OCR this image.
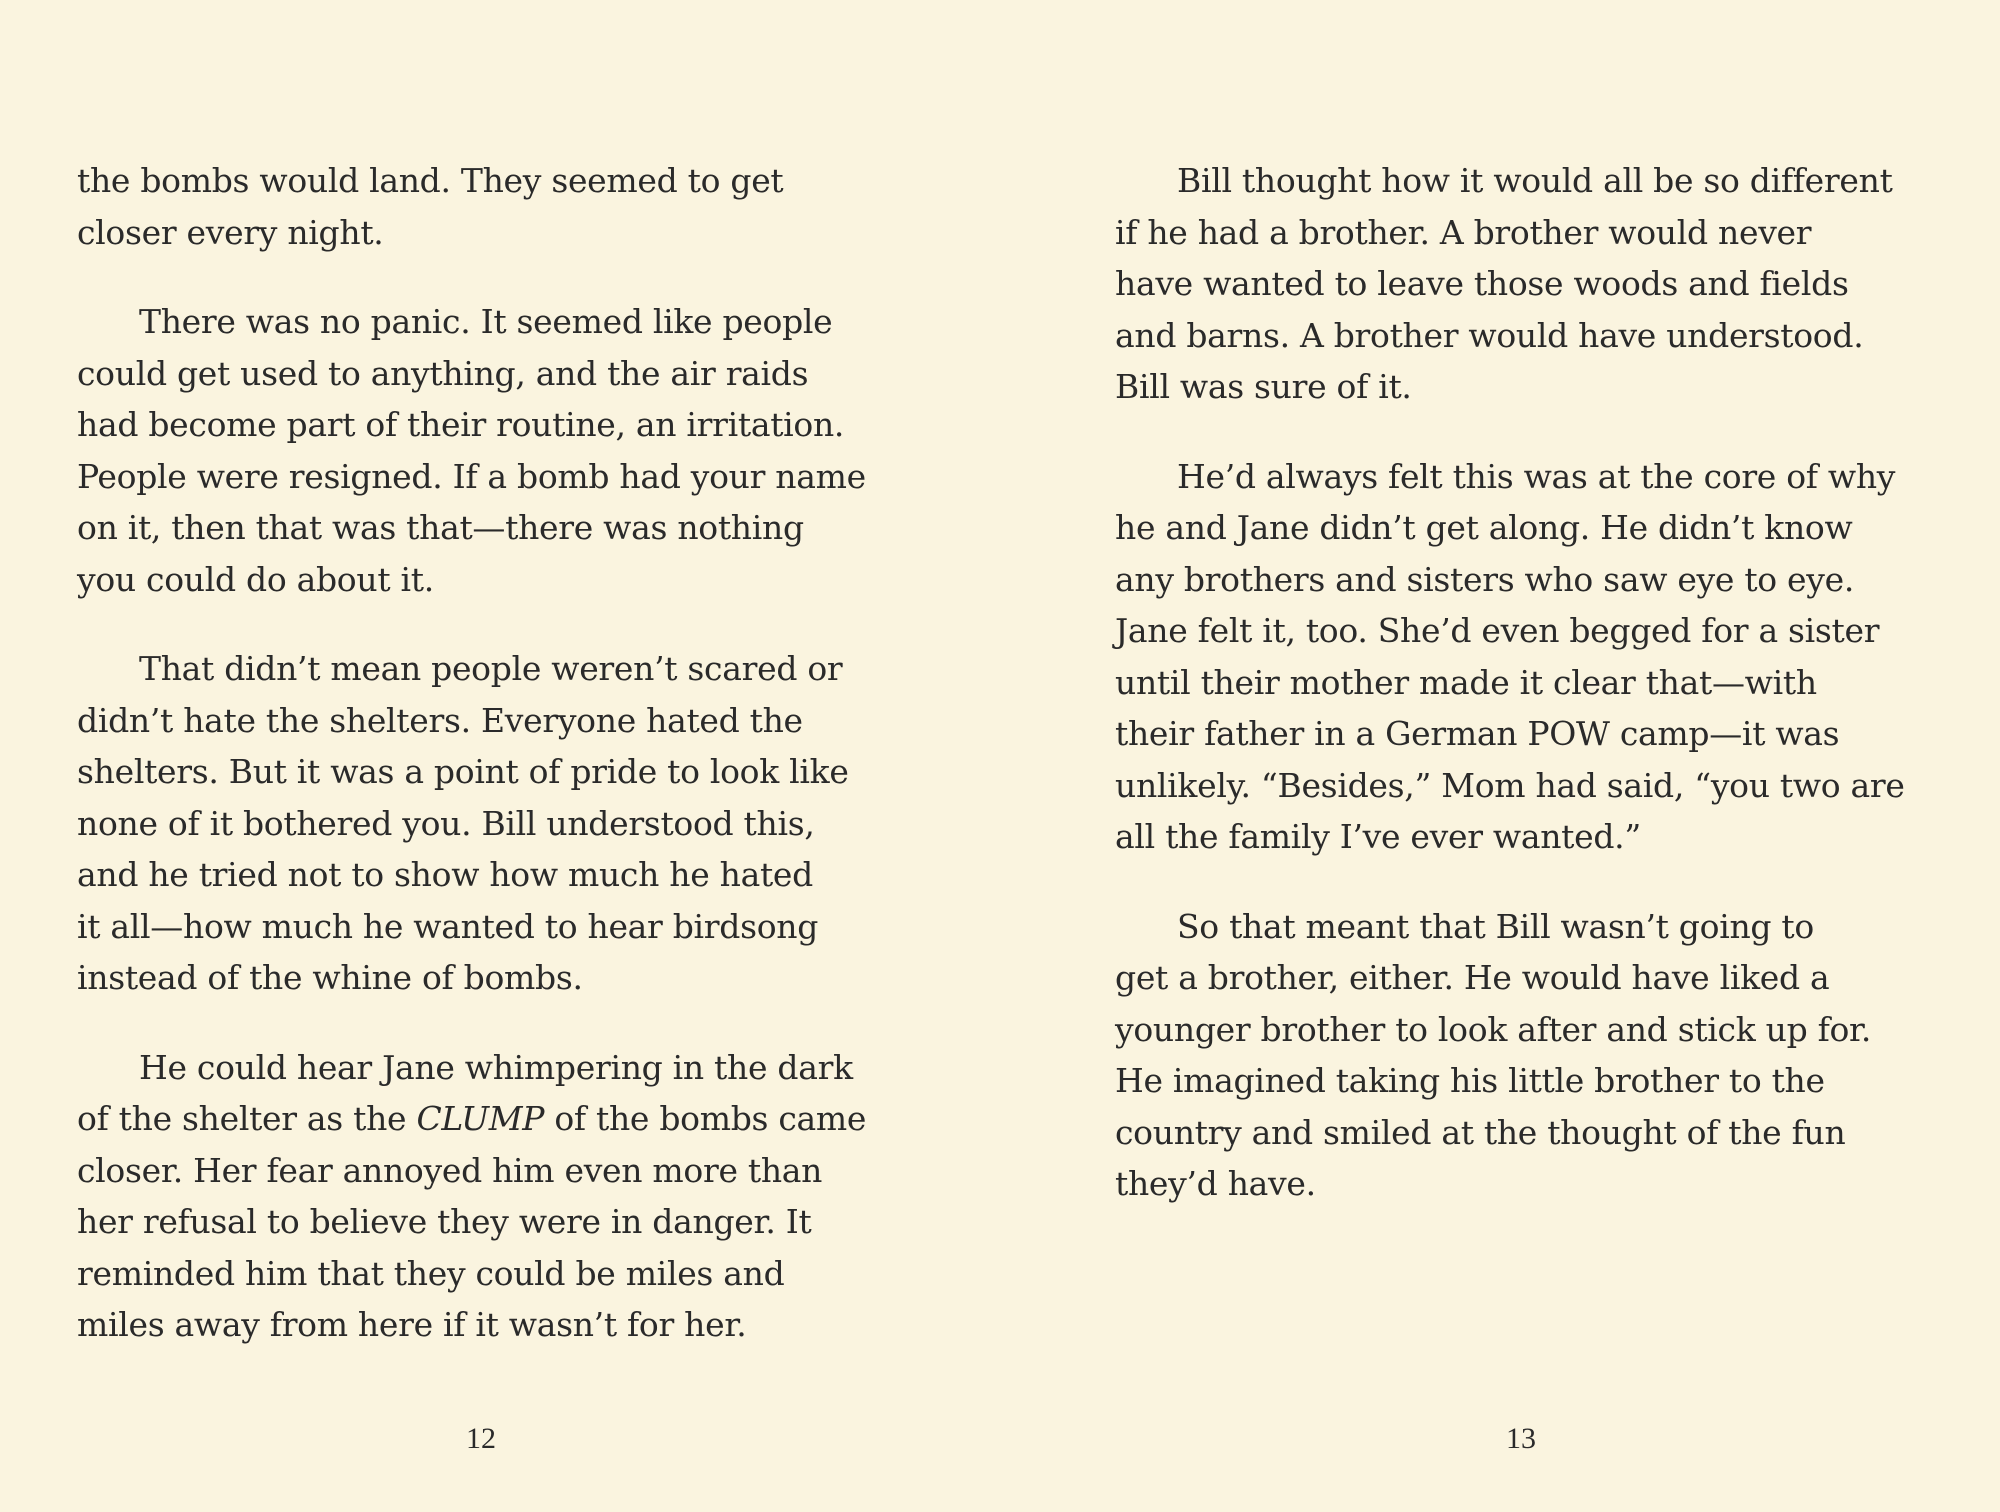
the bombs would land. They seemed to get
closer every night.

There was no panic. It seemed like people
could get used to anything, and the air raids
had become part of their routine, an irritation.
People were resigned. If a bomb had your name
on it, then that was that—there was nothing
you could do about it.

That didn’t mean people weren’t scared or
didn’t hate the shelters. Everyone hated the
shelters. But it was a point of pride to look like
none of it bothered you. Bill understood this,
and he tried not to show how much he hated
it all—how much he wanted to hear birdsong
instead of the whine of bombs.

He could hear Jane whimpering in the dark
of the shelter as the CLUMP of the bombs came
closer. Her fear annoyed him even more than
her refusal to believe they were in danger. It
reminded him that they could be miles and
miles away from here if it wasn’t for her.

12

Bill thought how it would all be so different
if he had a brother. A brother would never
have wanted to leave those woods and fields
and barns. A brother would have understood.
Bill was sure of it.

He’d always felt this was at the core of why
he and Jane didn’t get along. He didn’t know
any brothers and sisters who saw eye to eye.
Jane felt it, too. She’d even begged for a sister
until their mother made it clear that—with
their father in a German POW camp—it was
unlikely. “Besides,” Mom had said, “you two are
all the family I’ve ever wanted.”

So that meant that Bill wasn’t going to
get a brother, either. He would have liked a
younger brother to look after and stick up for.
He imagined taking his little brother to the
country and smiled at the thought of the fun
they’d have.

13
